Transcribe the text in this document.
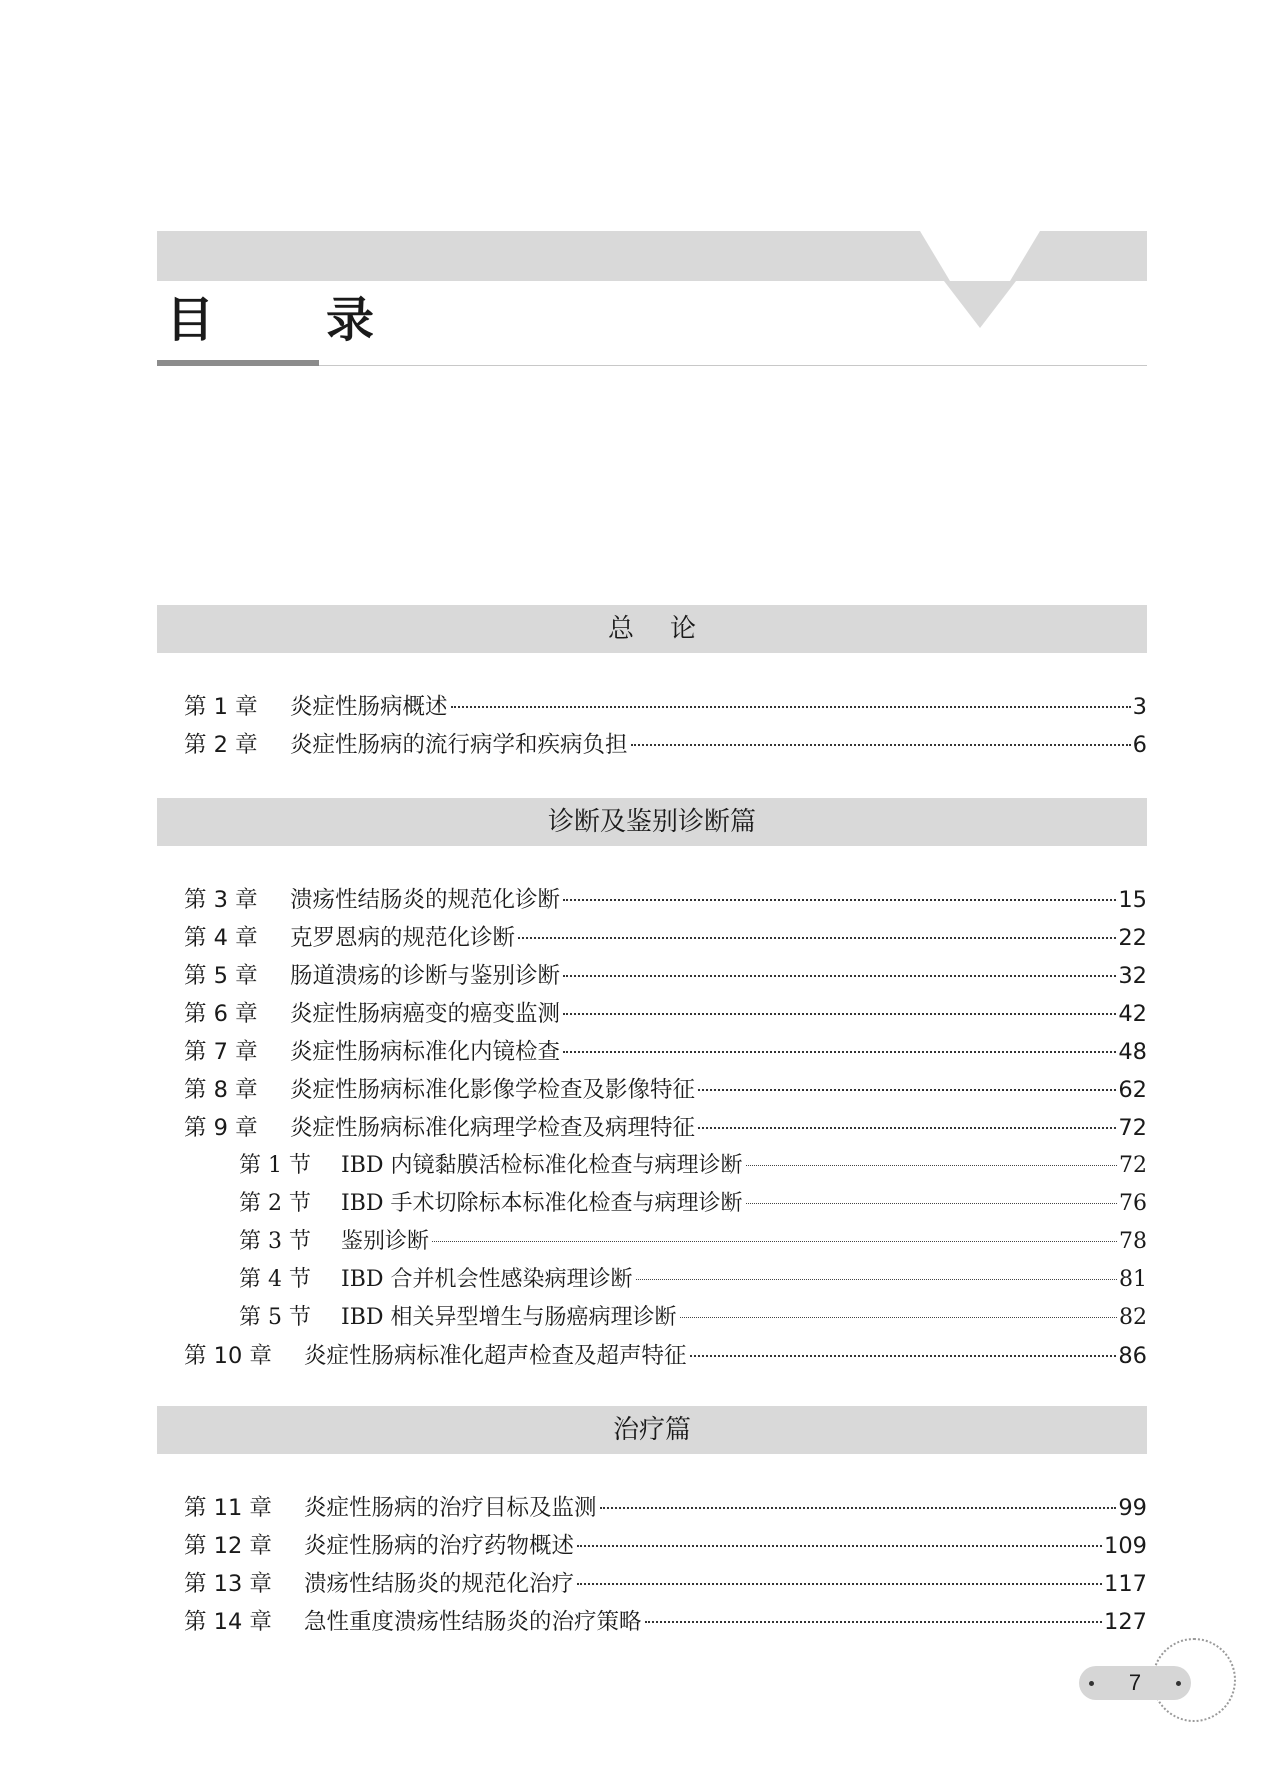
目　录
总论
第 1 章	炎症性肠病概述	3
第 2 章	炎症性肠病的流行病学和疾病负担	6
诊断及鉴别诊断篇
第 3 章	溃疡性结肠炎的规范化诊断	15
第 4 章	克罗恩病的规范化诊断	22
第 5 章	肠道溃疡的诊断与鉴别诊断	32
第 6 章	炎症性肠病癌变的癌变监测	42
第 7 章	炎症性肠病标准化内镜检查	48
第 8 章	炎症性肠病标准化影像学检查及影像特征	62
第 9 章	炎症性肠病标准化病理学检查及病理特征	72
第 1 节	IBD 内镜黏膜活检标准化检查与病理诊断	72
第 2 节	IBD 手术切除标本标准化检查与病理诊断	76
第 3 节	鉴别诊断	78
第 4 节	IBD 合并机会性感染病理诊断	81
第 5 节	IBD 相关异型增生与肠癌病理诊断	82
第 10 章	炎症性肠病标准化超声检查及超声特征	86
治疗篇
第 11 章	炎症性肠病的治疗目标及监测	99
第 12 章	炎症性肠病的治疗药物概述	109
第 13 章	溃疡性结肠炎的规范化治疗	117
第 14 章	急性重度溃疡性结肠炎的治疗策略	127
7
